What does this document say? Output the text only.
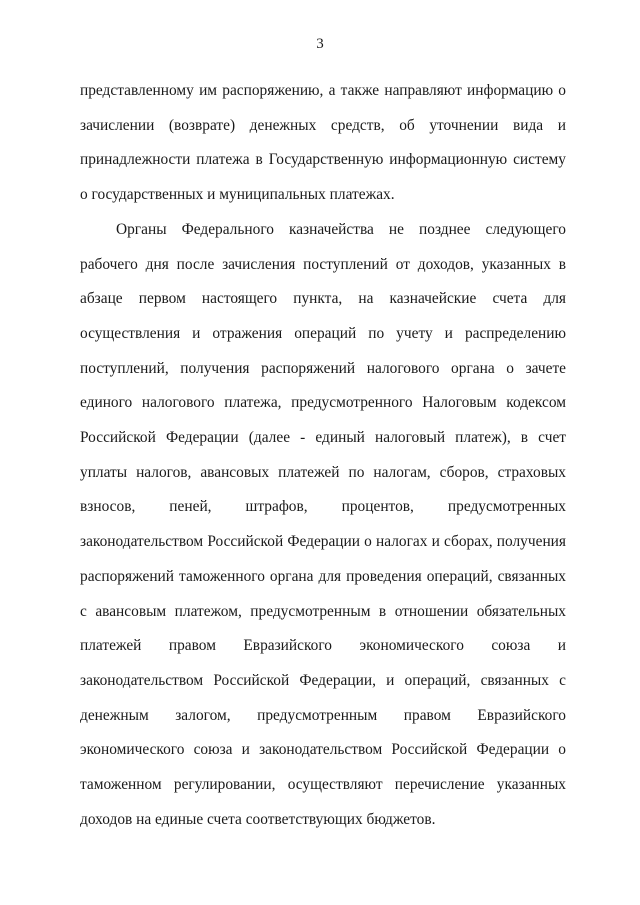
3

представленному им распоряжению, а также направляют информацию о зачислении (возврате) денежных средств, об уточнении вида и принадлежности платежа в Государственную информационную систему о государственных и муниципальных платежах.

Органы Федерального казначейства не позднее следующего рабочего дня после зачисления поступлений от доходов, указанных в абзаце первом настоящего пункта, на казначейские счета для осуществления и отражения операций по учету и распределению поступлений, получения распоряжений налогового органа о зачете единого налогового платежа, предусмотренного Налоговым кодексом Российской Федерации (далее - единый налоговый платеж), в счет уплаты налогов, авансовых платежей по налогам, сборов, страховых взносов, пеней, штрафов, процентов, предусмотренных законодательством Российской Федерации о налогах и сборах, получения распоряжений таможенного органа для проведения операций, связанных с авансовым платежом, предусмотренным в отношении обязательных платежей правом Евразийского экономического союза и законодательством Российской Федерации, и операций, связанных с денежным залогом, предусмотренным правом Евразийского экономического союза и законодательством Российской Федерации о таможенном регулировании, осуществляют перечисление указанных доходов на единые счета соответствующих бюджетов.
